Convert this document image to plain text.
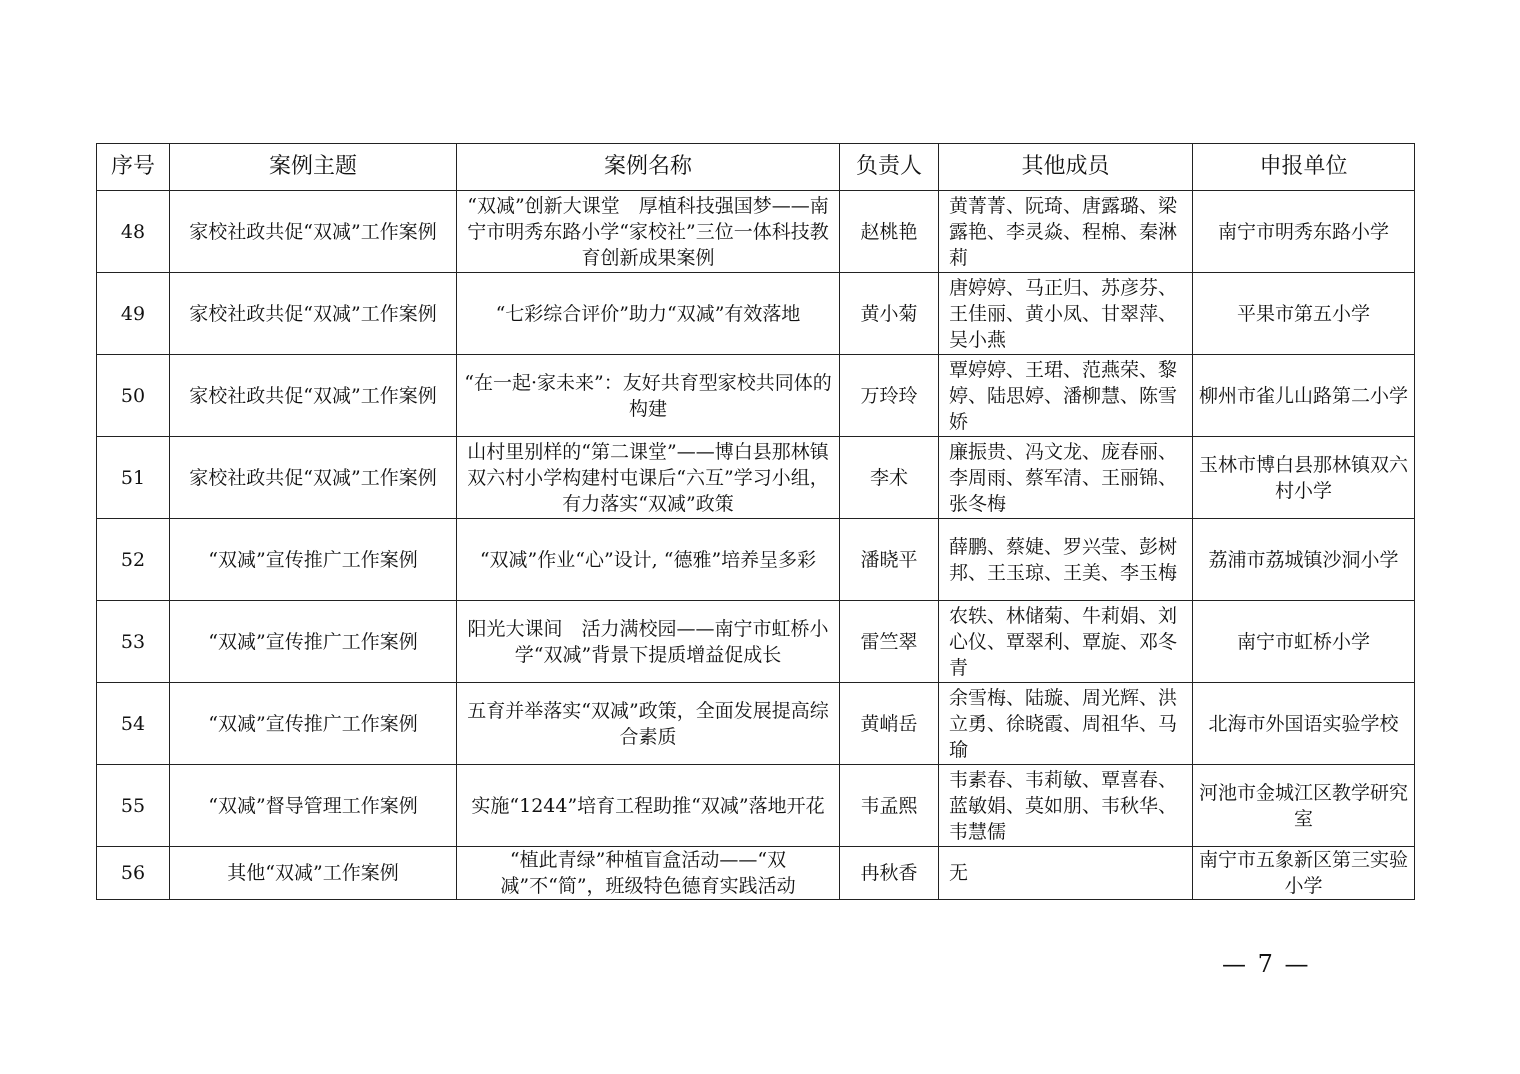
序号	案例主题	案例名称	负责人	其他成员	申报单位
48	家校社政共促“双减”工作案例	“双减”创新大课堂　厚植科技强国梦——南宁市明秀东路小学“家校社”三位一体科技教育创新成果案例	赵桃艳	黄菁菁、阮琦、唐露璐、梁露艳、李灵焱、程棉、秦淋莉	南宁市明秀东路小学
49	家校社政共促“双减”工作案例	“七彩综合评价”助力“双减”有效落地	黄小菊	唐婷婷、马正归、苏彦芬、王佳丽、黄小凤、甘翠萍、吴小燕	平果市第五小学
50	家校社政共促“双减”工作案例	“在一起·家未来”：友好共育型家校共同体的构建	万玲玲	覃婷婷、王珺、范燕荣、黎婷、陆思婷、潘柳慧、陈雪娇	柳州市雀儿山路第二小学
51	家校社政共促“双减”工作案例	山村里别样的“第二课堂”——博白县那林镇双六村小学构建村屯课后“六互”学习小组，有力落实“双减”政策	李术	廉振贵、冯文龙、庞春丽、李周雨、蔡军清、王丽锦、张冬梅	玉林市博白县那林镇双六村小学
52	“双减”宣传推广工作案例	“双减”作业“心”设计, “德雅”培养呈多彩	潘晓平	薛鹏、蔡婕、罗兴莹、彭树邦、王玉琼、王美、李玉梅	荔浦市荔城镇沙洞小学
53	“双减”宣传推广工作案例	阳光大课间　活力满校园——南宁市虹桥小学“双减”背景下提质增益促成长	雷竺翠	农轶、林储菊、牛莉娟、刘心仪、覃翠利、覃旋、邓冬青	南宁市虹桥小学
54	“双减”宣传推广工作案例	五育并举落实“双减”政策，全面发展提高综合素质	黄峭岳	余雪梅、陆璇、周光辉、洪立勇、徐晓霞、周祖华、马瑜	北海市外国语实验学校
55	“双减”督导管理工作案例	实施“1244”培育工程助推“双减”落地开花	韦孟熙	韦素春、韦莉敏、覃喜春、蓝敏娟、莫如朋、韦秋华、韦慧儒	河池市金城江区教学研究室
56	其他“双减”工作案例	“植此青绿”种植盲盒活动——“双减”不“简”，班级特色德育实践活动	冉秋香	无	南宁市五象新区第三实验小学
— 7 —
